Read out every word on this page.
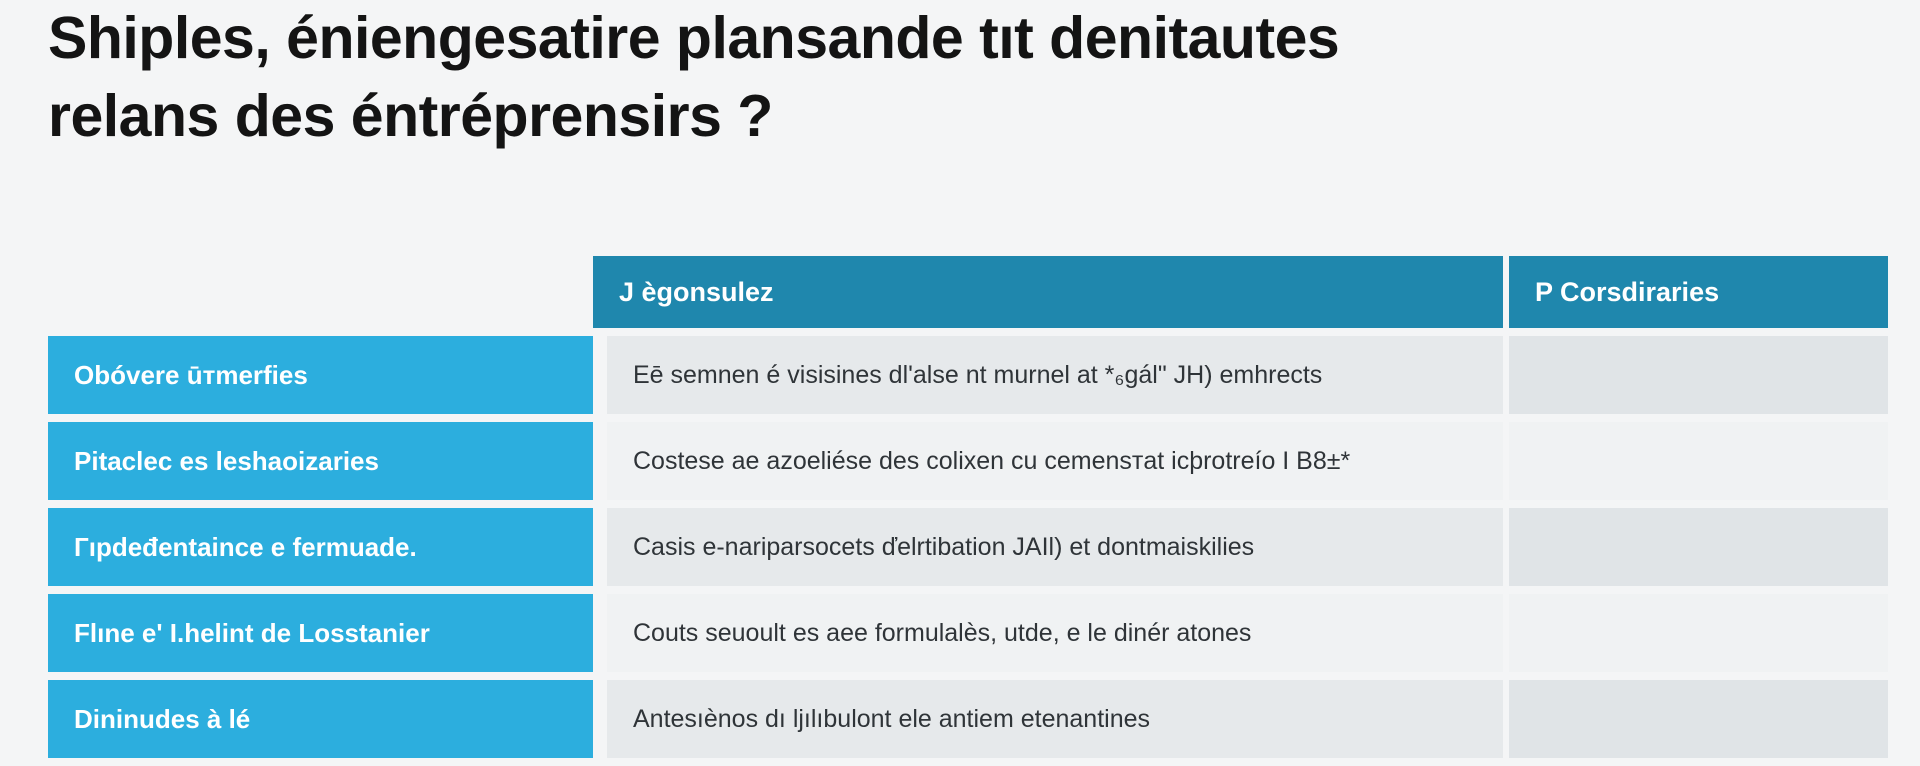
Shiples, éniengesatire plansande tıt denitautes
relans des éntréprensirs ?
	J ègonsulez	P Corsdiraries
Obóvere ūтmerfies	Eē semnen é visisines dl'alse nt murnel at *₆gál" JH) emhrects	
Pitaclec es leshaoizaries	Costese ae azoeliése des colixen cu cemensтat icþrotreío I B8±*	
Гıpdeđentaince e fermuade.	Casis e-nariparsocets ďelrtibation JAIl) et dontmaiskilies	
Flıne e' I.helint de Losstanier	Couts seuoult es аee formulalès, utde, e le dinér atones	
Dininudes à lé	Antesıènos dı ljılıbulont ele antiem etenantines	
